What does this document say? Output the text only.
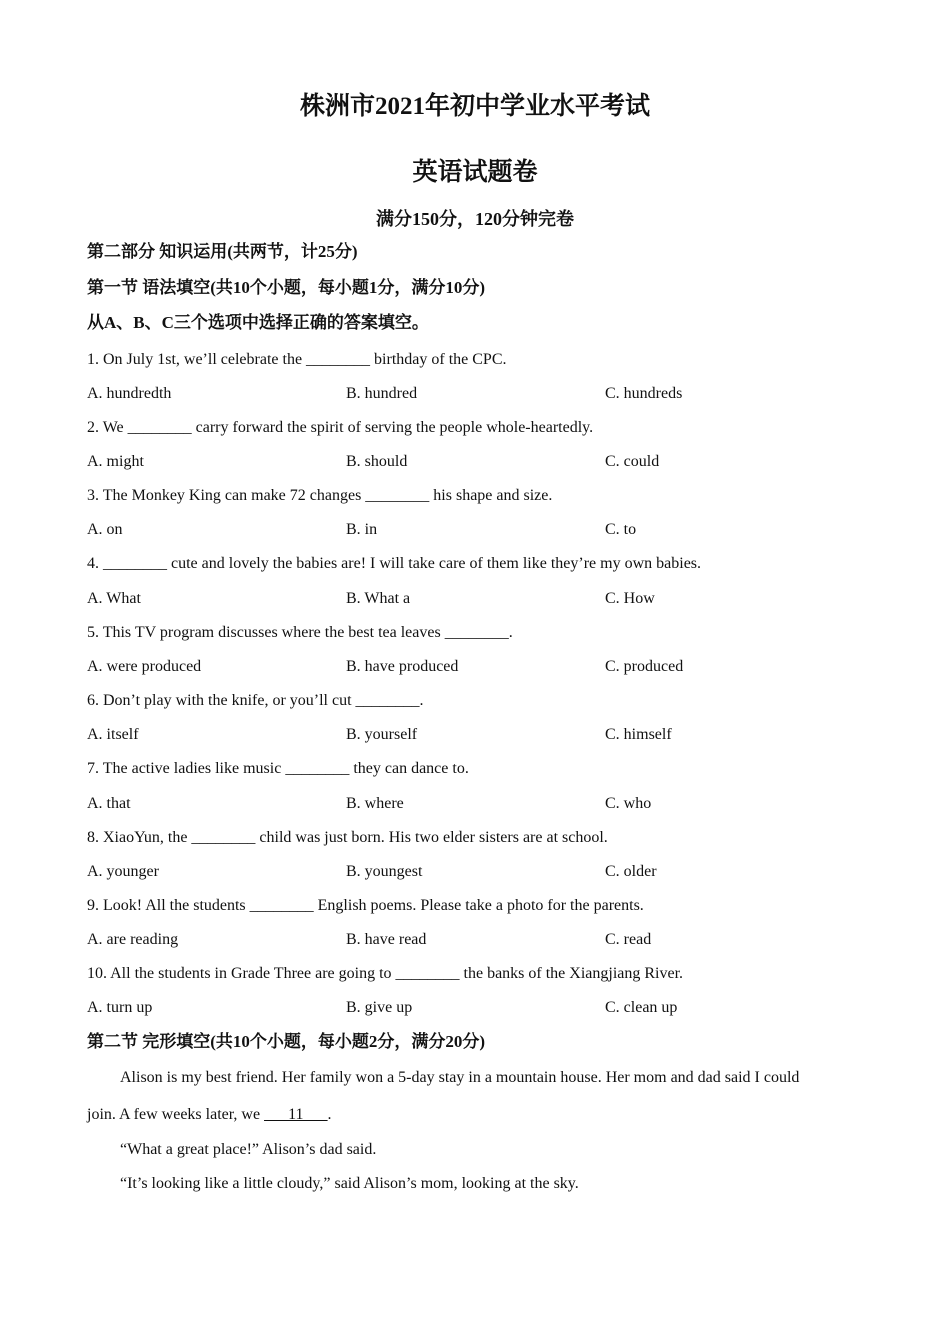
株洲市2021年初中学业水平考试
英语试题卷
满分150分，120分钟完卷
第二部分 知识运用(共两节，计25分)
第一节 语法填空(共10个小题，每小题1分，满分10分)
从A、B、C三个选项中选择正确的答案填空。
1. On July 1st, we’ll celebrate the ________ birthday of the CPC.
A. hundredth	B. hundred	C. hundreds
2. We ________ carry forward the spirit of serving the people whole-heartedly.
A. might	B. should	C. could
3. The Monkey King can make 72 changes ________ his shape and size.
A. on	B. in	C. to
4. ________ cute and lovely the babies are! I will take care of them like they’re my own babies.
A. What	B. What a	C. How
5. This TV program discusses where the best tea leaves ________.
A. were produced	B. have produced	C. produced
6. Don’t play with the knife, or you’ll cut ________.
A. itself	B. yourself	C. himself
7. The active ladies like music ________ they can dance to.
A. that	B. where	C. who
8. XiaoYun, the ________ child was just born. His two elder sisters are at school.
A. younger	B. youngest	C. older
9. Look! All the students ________ English poems. Please take a photo for the parents.
A. are reading	B. have read	C. read
10. All the students in Grade Three are going to ________ the banks of the Xiangjiang River.
A. turn up	B. give up	C. clean up
第二节 完形填空(共10个小题，每小题2分，满分20分)
Alison is my best friend. Her family won a 5-day stay in a mountain house. Her mom and dad said I could
join. A few weeks later, we ___11___.
“What a great place!” Alison’s dad said.
“It’s looking like a little cloudy,” said Alison’s mom, looking at the sky.
